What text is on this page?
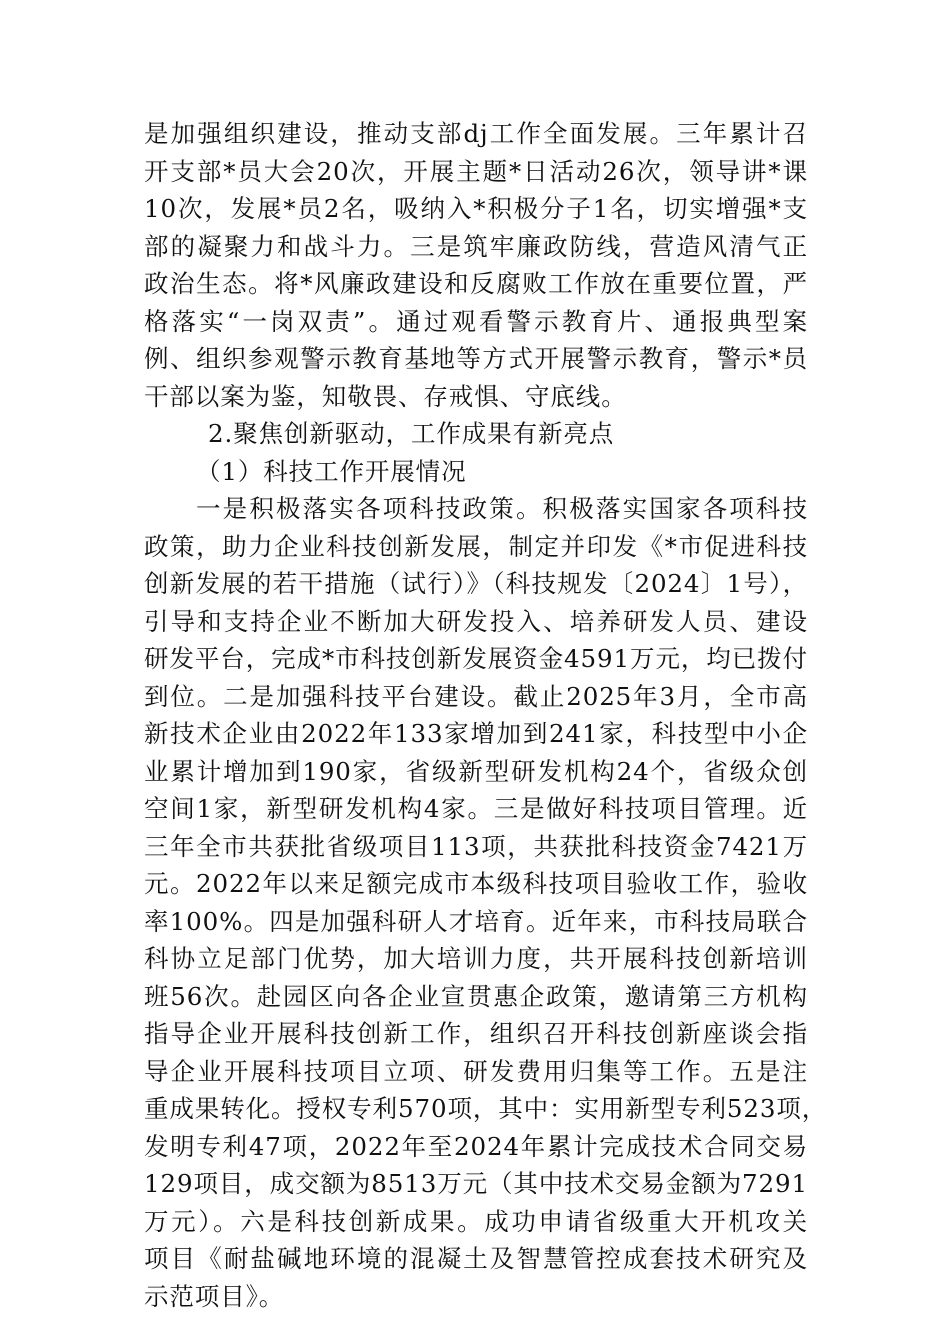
是加强组织建设，推动支部dj工作全面发展。三年累计召
开支部*员大会20次，开展主题*日活动26次，领导讲*课
10次，发展*员2名，吸纳入*积极分子1名，切实增强*支
部的凝聚力和战斗力。三是筑牢廉政防线，营造风清气正
政治生态。将*风廉政建设和反腐败工作放在重要位置，严
格落实“一岗双责”。通过观看警示教育片、通报典型案
例、组织参观警示教育基地等方式开展警示教育，警示*员
干部以案为鉴，知敬畏、存戒惧、守底线。
2.聚焦创新驱动，工作成果有新亮点
（1）科技工作开展情况
一是积极落实各项科技政策。积极落实国家各项科技
政策，助力企业科技创新发展，制定并印发《*市促进科技
创新发展的若干措施（试行）》（科技规发〔2024〕1号），
引导和支持企业不断加大研发投入、培养研发人员、建设
研发平台，完成*市科技创新发展资金4591万元，均已拨付
到位。二是加强科技平台建设。截止2025年3月，全市高
新技术企业由2022年133家增加到241家，科技型中小企
业累计增加到190家，省级新型研发机构24个，省级众创
空间1家，新型研发机构4家。三是做好科技项目管理。近
三年全市共获批省级项目113项，共获批科技资金7421万
元。2022年以来足额完成市本级科技项目验收工作，验收
率100%。四是加强科研人才培育。近年来，市科技局联合
科协立足部门优势，加大培训力度，共开展科技创新培训
班56次。赴园区向各企业宣贯惠企政策，邀请第三方机构
指导企业开展科技创新工作，组织召开科技创新座谈会指
导企业开展科技项目立项、研发费用归集等工作。五是注
重成果转化。授权专利570项，其中：实用新型专利523项，
发明专利47项，2022年至2024年累计完成技术合同交易
129项目，成交额为8513万元（其中技术交易金额为7291
万元）。六是科技创新成果。成功申请省级重大开机攻关
项目《耐盐碱地环境的混凝土及智慧管控成套技术研究及
示范项目》。
